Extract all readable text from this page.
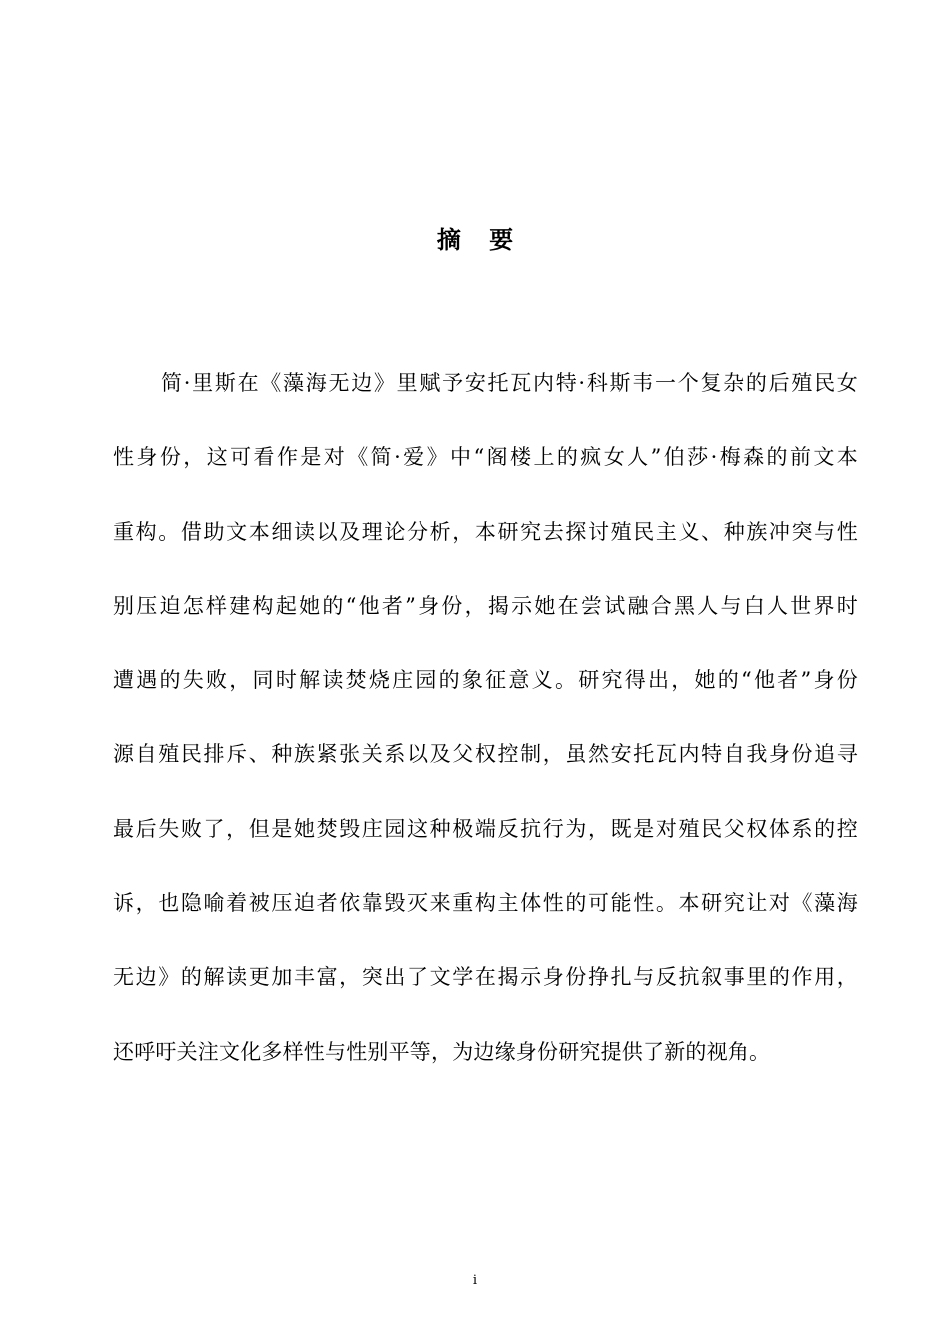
摘 要
简·里斯在《藻海无边》里赋予安托瓦内特·科斯韦一个复杂的后殖民女
性身份，这可看作是对《简·爱》中“阁楼上的疯女人”伯莎·梅森的前文本
重构。借助文本细读以及理论分析，本研究去探讨殖民主义、种族冲突与性
别压迫怎样建构起她的“他者”身份，揭示她在尝试融合黑人与白人世界时
遭遇的失败，同时解读焚烧庄园的象征意义。研究得出，她的“他者”身份
源自殖民排斥、种族紧张关系以及父权控制，虽然安托瓦内特自我身份追寻
最后失败了，但是她焚毁庄园这种极端反抗行为，既是对殖民父权体系的控
诉，也隐喻着被压迫者依靠毁灭来重构主体性的可能性。本研究让对《藻海
无边》的解读更加丰富，突出了文学在揭示身份挣扎与反抗叙事里的作用，
还呼吁关注文化多样性与性别平等，为边缘身份研究提供了新的视角。
i
